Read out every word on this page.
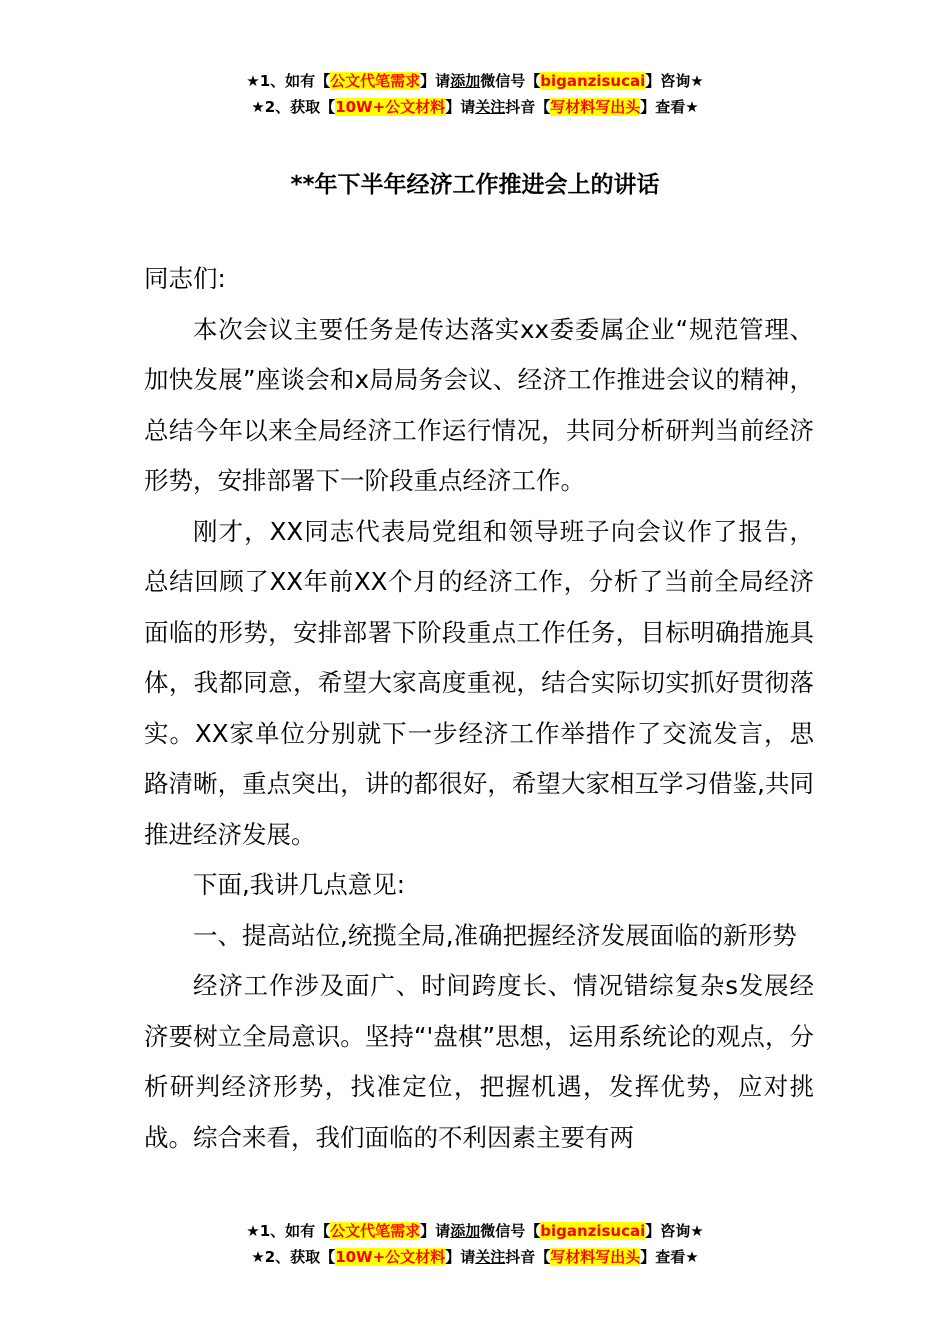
★1、如有【公文代笔需求】请添加微信号【biganzisucai】咨询★
★2、获取【10W+公文材料】请关注抖音【写材料写出头】查看★
**年下半年经济工作推进会上的讲话

同志们:

本次会议主要任务是传达落实xx委委属企业“规范管理、加快发展”座谈会和x局局务会议、经济工作推进会议的精神，总结今年以来全局经济工作运行情况，共同分析研判当前经济形势，安排部署下一阶段重点经济工作。

刚才，XX同志代表局党组和领导班子向会议作了报告，总结回顾了XX年前XX个月的经济工作，分析了当前全局经济面临的形势，安排部署下阶段重点工作任务，目标明确措施具体，我都同意，希望大家高度重视，结合实际切实抓好贯彻落实。XX家单位分别就下一步经济工作举措作了交流发言，思路清晰，重点突出，讲的都很好，希望大家相互学习借鉴,共同推进经济发展。

下面,我讲几点意见:

一、提高站位,统揽全局,准确把握经济发展面临的新形势

经济工作涉及面广、时间跨度长、情况错综复杂s发展经济要树立全局意识。坚持“'盘棋”思想，运用系统论的观点，分析研判经济形势，找准定位，把握机遇，发挥优势，应对挑战。综合来看，我们面临的不利因素主要有两

★1、如有【公文代笔需求】请添加微信号【biganzisucai】咨询★
★2、获取【10W+公文材料】请关注抖音【写材料写出头】查看★
